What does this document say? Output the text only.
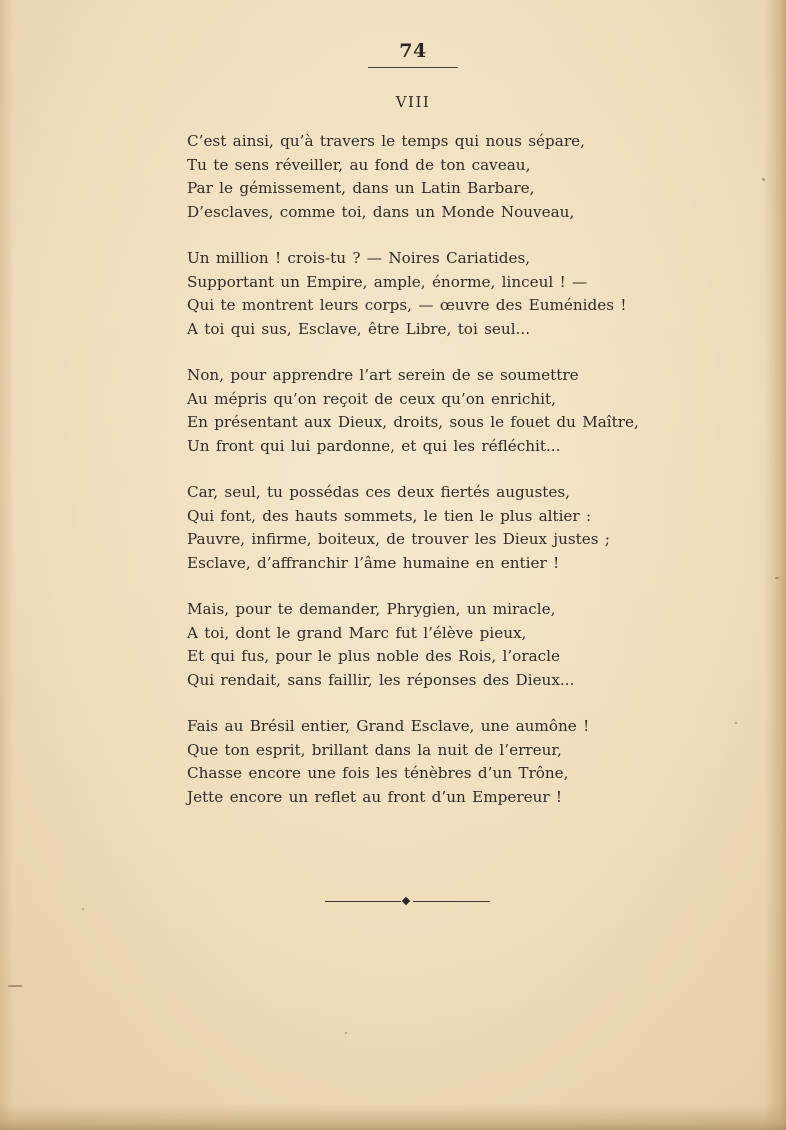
74
VIII
C’est ainsi, qu’à travers le temps qui nous sépare,
Tu te sens réveiller, au fond de ton caveau,
Par le gémissement, dans un Latin Barbare,
D’esclaves, comme toi, dans un Monde Nouveau,
Un million ! crois-tu ? — Noires Cariatides,
Supportant un Empire, ample, énorme, linceul ! —
Qui te montrent leurs corps, — œuvre des Euménides !
A toi qui sus, Esclave, être Libre, toi seul...
Non, pour apprendre l’art serein de se soumettre
Au mépris qu’on reçoit de ceux qu’on enrichit,
En présentant aux Dieux, droits, sous le fouet du Maître,
Un front qui lui pardonne, et qui les réfléchit...
Car, seul, tu possédas ces deux fiertés augustes,
Qui font, des hauts sommets, le tien le plus altier :
Pauvre, infirme, boiteux, de trouver les Dieux justes ;
Esclave, d’affranchir l’âme humaine en entier !
Mais, pour te demander, Phrygien, un miracle,
A toi, dont le grand Marc fut l’élève pieux,
Et qui fus, pour le plus noble des Rois, l’oracle
Qui rendait, sans faillir, les réponses des Dieux...
Fais au Brésil entier, Grand Esclave, une aumône !
Que ton esprit, brillant dans la nuit de l’erreur,
Chasse encore une fois les ténèbres d’un Trône,
Jette encore un reflet au front d’un Empereur !
